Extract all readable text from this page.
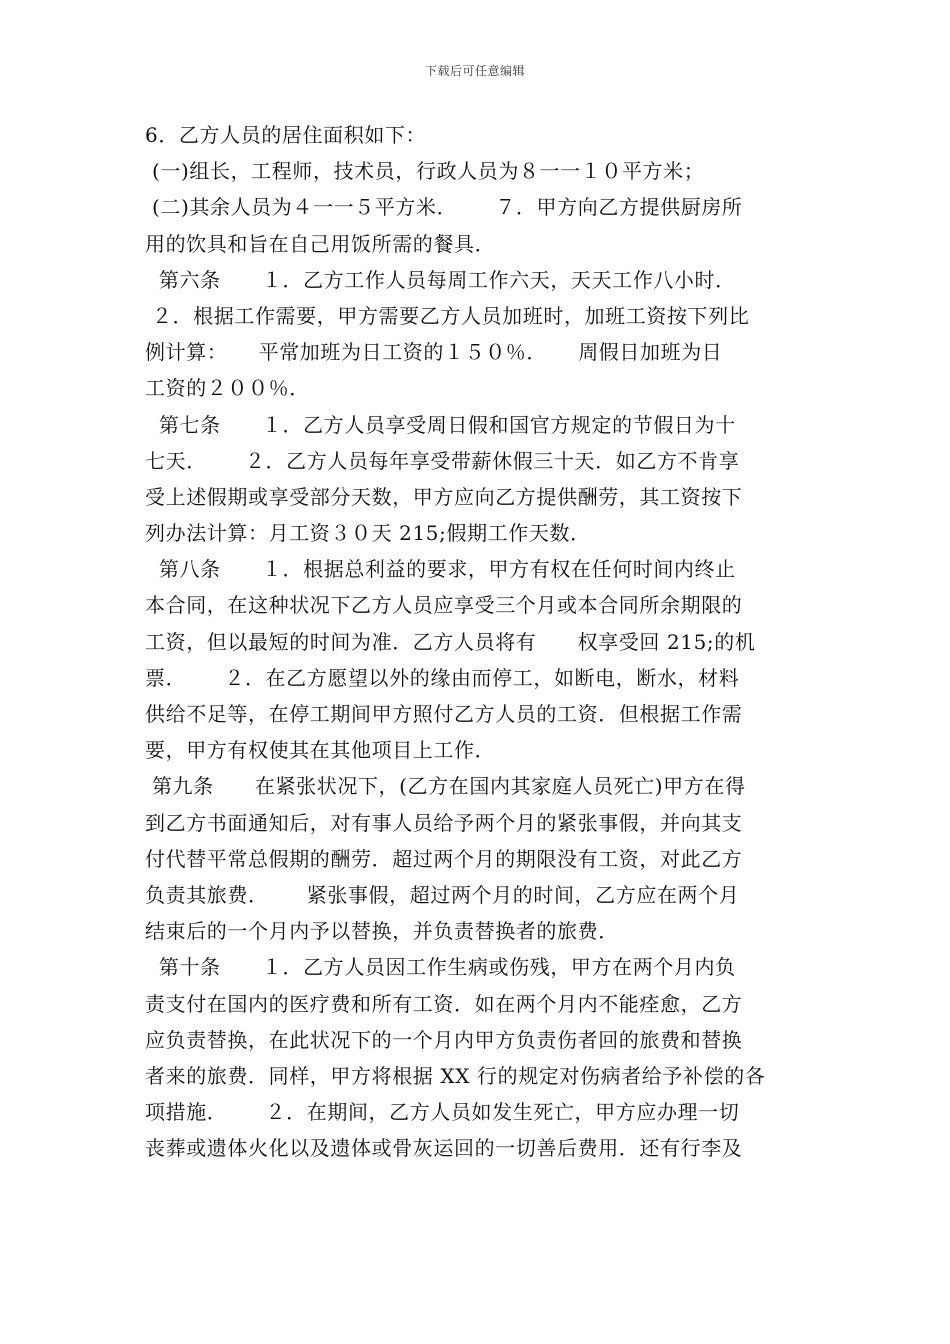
下载后可任意编辑
6．乙方人员的居住面积如下：
(一)组长，工程师，技术员，行政人员为８一一１０平方米；
(二)其余人员为４一一５平方米．　　 ７．甲方向乙方提供厨房所
用的饮具和旨在自己用饭所需的餐具．
第六条　　１．乙方工作人员每周工作六天，天天工作八小时．
２．根据工作需要，甲方需要乙方人员加班时，加班工资按下列比
例计算：　　平常加班为日工资的１５０％．　　周假日加班为日
工资的２００％．
第七条　　１．乙方人员享受周日假和国官方规定的节假日为十
七天．　　 ２．乙方人员每年享受带薪休假三十天．如乙方不肯享
受上述假期或享受部分天数，甲方应向乙方提供酬劳，其工资按下
列办法计算：月工资３０天 215;假期工作天数．
第八条　　１．根据总利益的要求，甲方有权在任何时间内终止
本合同，在这种状况下乙方人员应享受三个月或本合同所余期限的
工资，但以最短的时间为准．乙方人员将有　　权享受回 215;的机
票．　　 ２．在乙方愿望以外的缘由而停工，如断电，断水，材料
供给不足等，在停工期间甲方照付乙方人员的工资．但根据工作需
要，甲方有权使其在其他项目上工作．
第九条　　在紧张状况下，(乙方在国内其家庭人员死亡)甲方在得
到乙方书面通知后，对有事人员给予两个月的紧张事假，并向其支
付代替平常总假期的酬劳．超过两个月的期限没有工资，对此乙方
负责其旅费．　　 紧张事假，超过两个月的时间，乙方应在两个月
结束后的一个月内予以替换，并负责替换者的旅费．
第十条　　１．乙方人员因工作生病或伤残，甲方在两个月内负
责支付在国内的医疗费和所有工资．如在两个月内不能痊愈，乙方
应负责替换，在此状况下的一个月内甲方负责伤者回的旅费和替换
者来的旅费．同样，甲方将根据 XX 行的规定对伤病者给予补偿的各
项措施．　　 ２．在期间，乙方人员如发生死亡，甲方应办理一切
丧葬或遗体火化以及遗体或骨灰运回的一切善后费用．还有行李及
